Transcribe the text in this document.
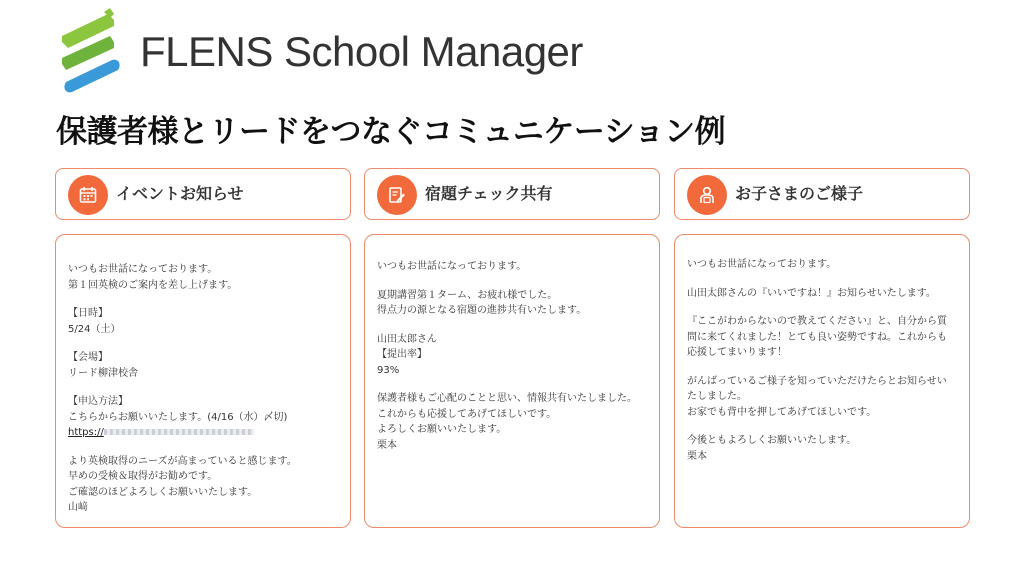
FLENS School Manager
保護者様とリードをつなぐコミュニケーション例
イベントお知らせ	宿題チェック共有	お子さまのご様子
いつもお世話になっております。
第１回英検のご案内を差し上げます。
【日時】
5/24（土）
【会場】
リード柳津校舎
【申込方法】
こちらからお願いいたします。(4/16（水）〆切)
https://
より英検取得のニーズが高まっていると感じます。
早めの受検＆取得がお勧めです。
ご確認のほどよろしくお願いいたします。
山﨑
いつもお世話になっております。
夏期講習第１ターム、お疲れ様でした。
得点力の源となる宿題の進捗共有いたします。
山田太郎さん
【提出率】
93%
保護者様もご心配のことと思い、情報共有いたしました。
これからも応援してあげてほしいです。
よろしくお願いいたします。
栗本
いつもお世話になっております。
山田太郎さんの『いいですね！』お知らせいたします。
『ここがわからないので教えてください』と、自分から質
問に来てくれました！とても良い姿勢ですね。これからも
応援してまいります！
がんばっているご様子を知っていただけたらとお知らせい
たしました。
お家でも背中を押してあげてほしいです。
今後ともよろしくお願いいたします。
栗本
